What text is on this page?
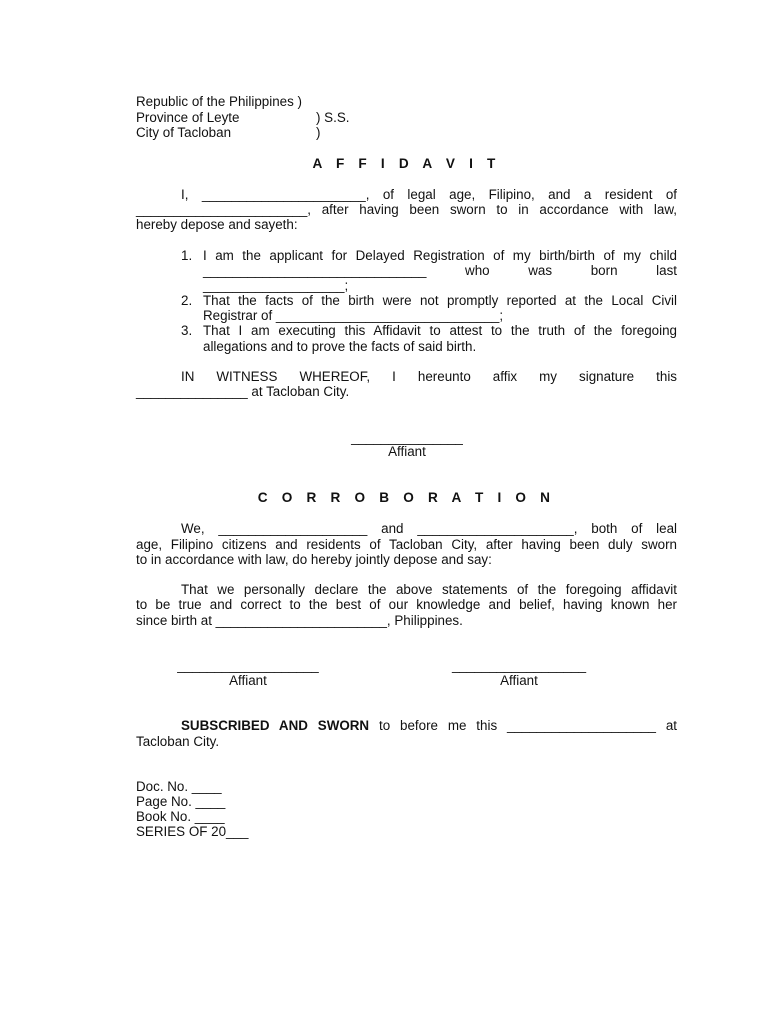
Republic of the Philippines )
Province of Leyte	) S.S.
City of Tacloban	)
A F F I D A V I T
I, ______________________, of legal age, Filipino, and a resident of
_______________________, after having been sworn to in accordance with law,
hereby depose and sayeth:
1. I am the applicant for Delayed Registration of my birth/birth of my child
______________________________ who was born last
___________________;
2. That the facts of the birth were not promptly reported at the Local Civil
Registrar of ______________________________;
3. That I am executing this Affidavit to attest to the truth of the foregoing
allegations and to prove the facts of said birth.
IN WITNESS WHEREOF, I hereunto affix my signature this
_______________ at Tacloban City.
_______________
Affiant
C O R R O B O R A T I O N
We, ____________________ and _____________________, both of leal
age, Filipino citizens and residents of Tacloban City, after having been duly sworn
to in accordance with law, do hereby jointly depose and say:
That we personally declare the above statements of the foregoing affidavit
to be true and correct to the best of our knowledge and belief, having known her
since birth at _______________________, Philippines.
___________________
Affiant
__________________
Affiant
SUBSCRIBED AND SWORN to before me this ____________________ at
Tacloban City.
Doc. No. ____
Page No. ____
Book No. ____
SERIES OF 20___
